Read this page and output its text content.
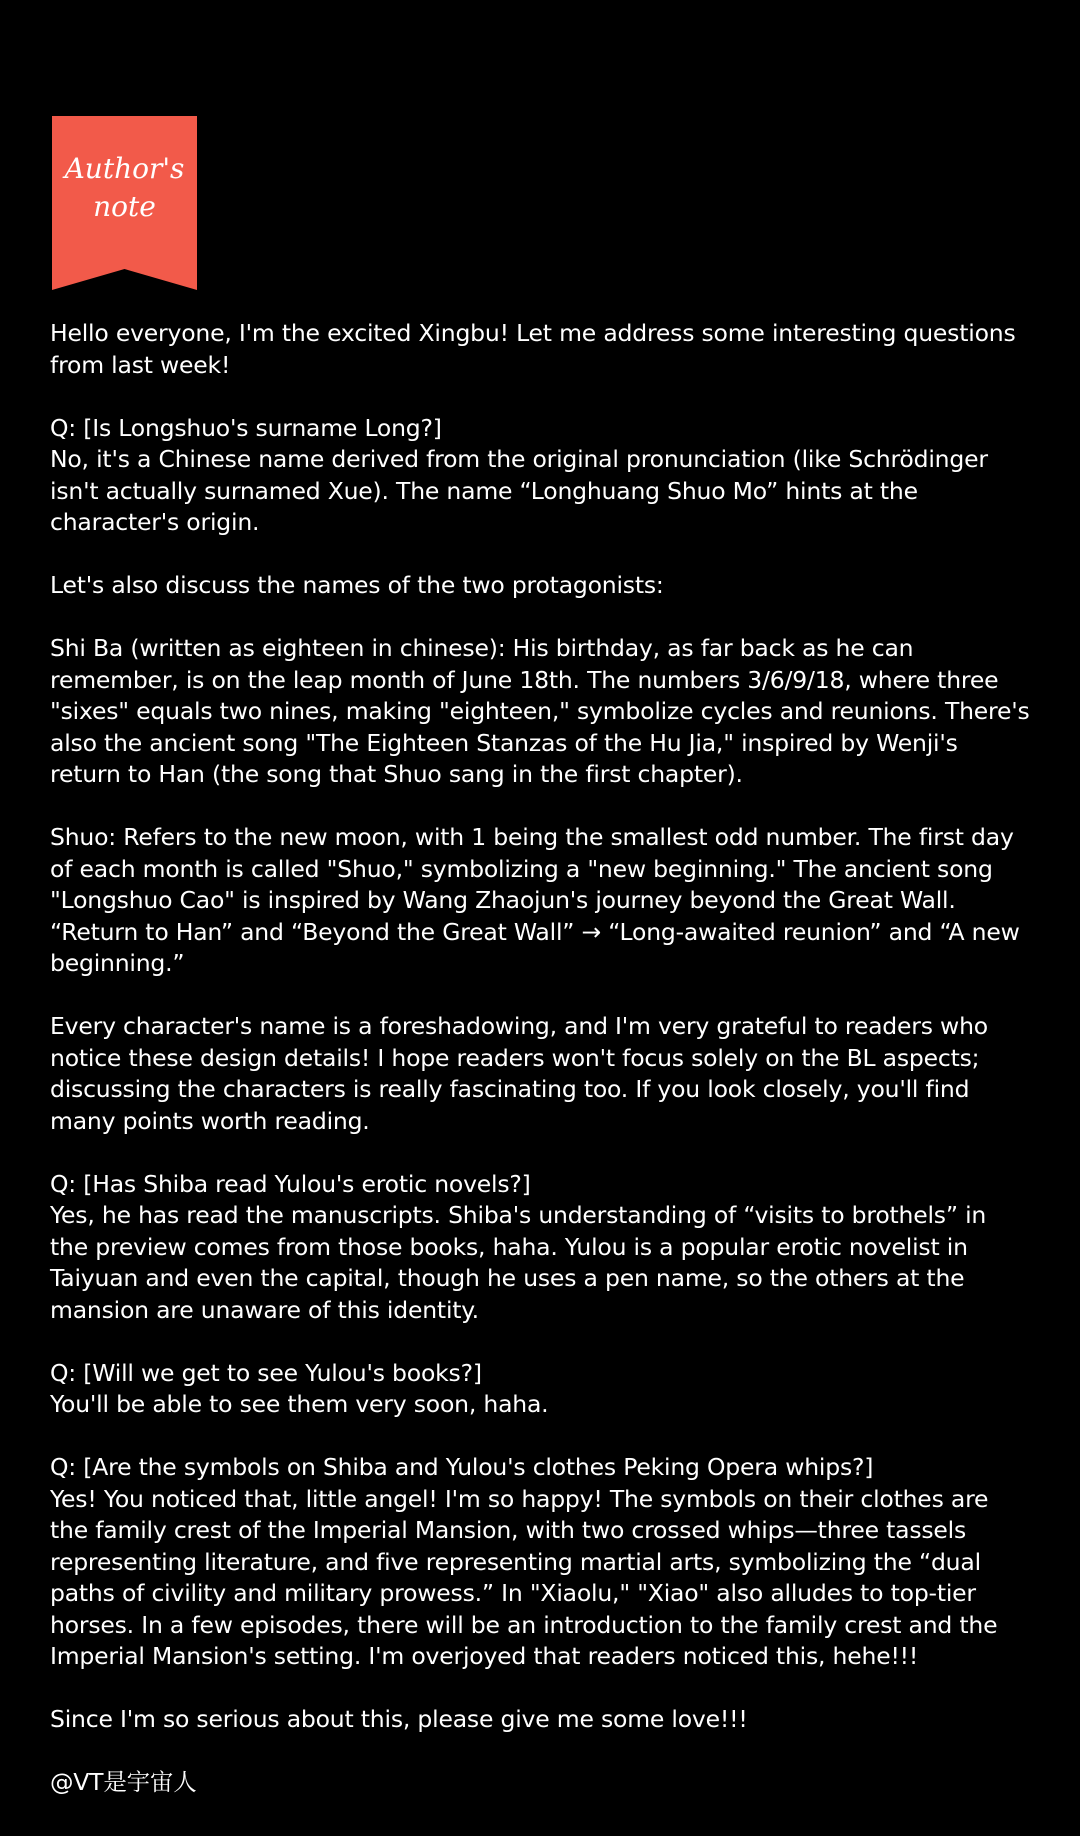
Author's note

Hello everyone, I'm the excited Xingbu! Let me address some interesting questions from last week!

Q: [Is Longshuo's surname Long?]
No, it's a Chinese name derived from the original pronunciation (like Schrödinger isn't actually surnamed Xue). The name “Longhuang Shuo Mo” hints at the character's origin.

Let's also discuss the names of the two protagonists:

Shi Ba (written as eighteen in chinese): His birthday, as far back as he can remember, is on the leap month of June 18th. The numbers 3/6/9/18, where three "sixes" equals two nines, making "eighteen," symbolize cycles and reunions. There's also the ancient song "The Eighteen Stanzas of the Hu Jia," inspired by Wenji's return to Han (the song that Shuo sang in the first chapter).

Shuo: Refers to the new moon, with 1 being the smallest odd number. The first day of each month is called "Shuo," symbolizing a "new beginning." The ancient song "Longshuo Cao" is inspired by Wang Zhaojun's journey beyond the Great Wall. “Return to Han” and “Beyond the Great Wall” → “Long-awaited reunion” and “A new beginning.”

Every character's name is a foreshadowing, and I'm very grateful to readers who notice these design details! I hope readers won't focus solely on the BL aspects; discussing the characters is really fascinating too. If you look closely, you'll find many points worth reading.

Q: [Has Shiba read Yulou's erotic novels?]
Yes, he has read the manuscripts. Shiba's understanding of “visits to brothels” in the preview comes from those books, haha. Yulou is a popular erotic novelist in Taiyuan and even the capital, though he uses a pen name, so the others at the mansion are unaware of this identity.

Q: [Will we get to see Yulou's books?]
You'll be able to see them very soon, haha.

Q: [Are the symbols on Shiba and Yulou's clothes Peking Opera whips?]
Yes! You noticed that, little angel! I'm so happy! The symbols on their clothes are the family crest of the Imperial Mansion, with two crossed whips—three tassels representing literature, and five representing martial arts, symbolizing the “dual paths of civility and military prowess.” In "Xiaolu," "Xiao" also alludes to top-tier horses. In a few episodes, there will be an introduction to the family crest and the Imperial Mansion's setting. I'm overjoyed that readers noticed this, hehe!!!

Since I'm so serious about this, please give me some love!!!

@VT是宇宙人
